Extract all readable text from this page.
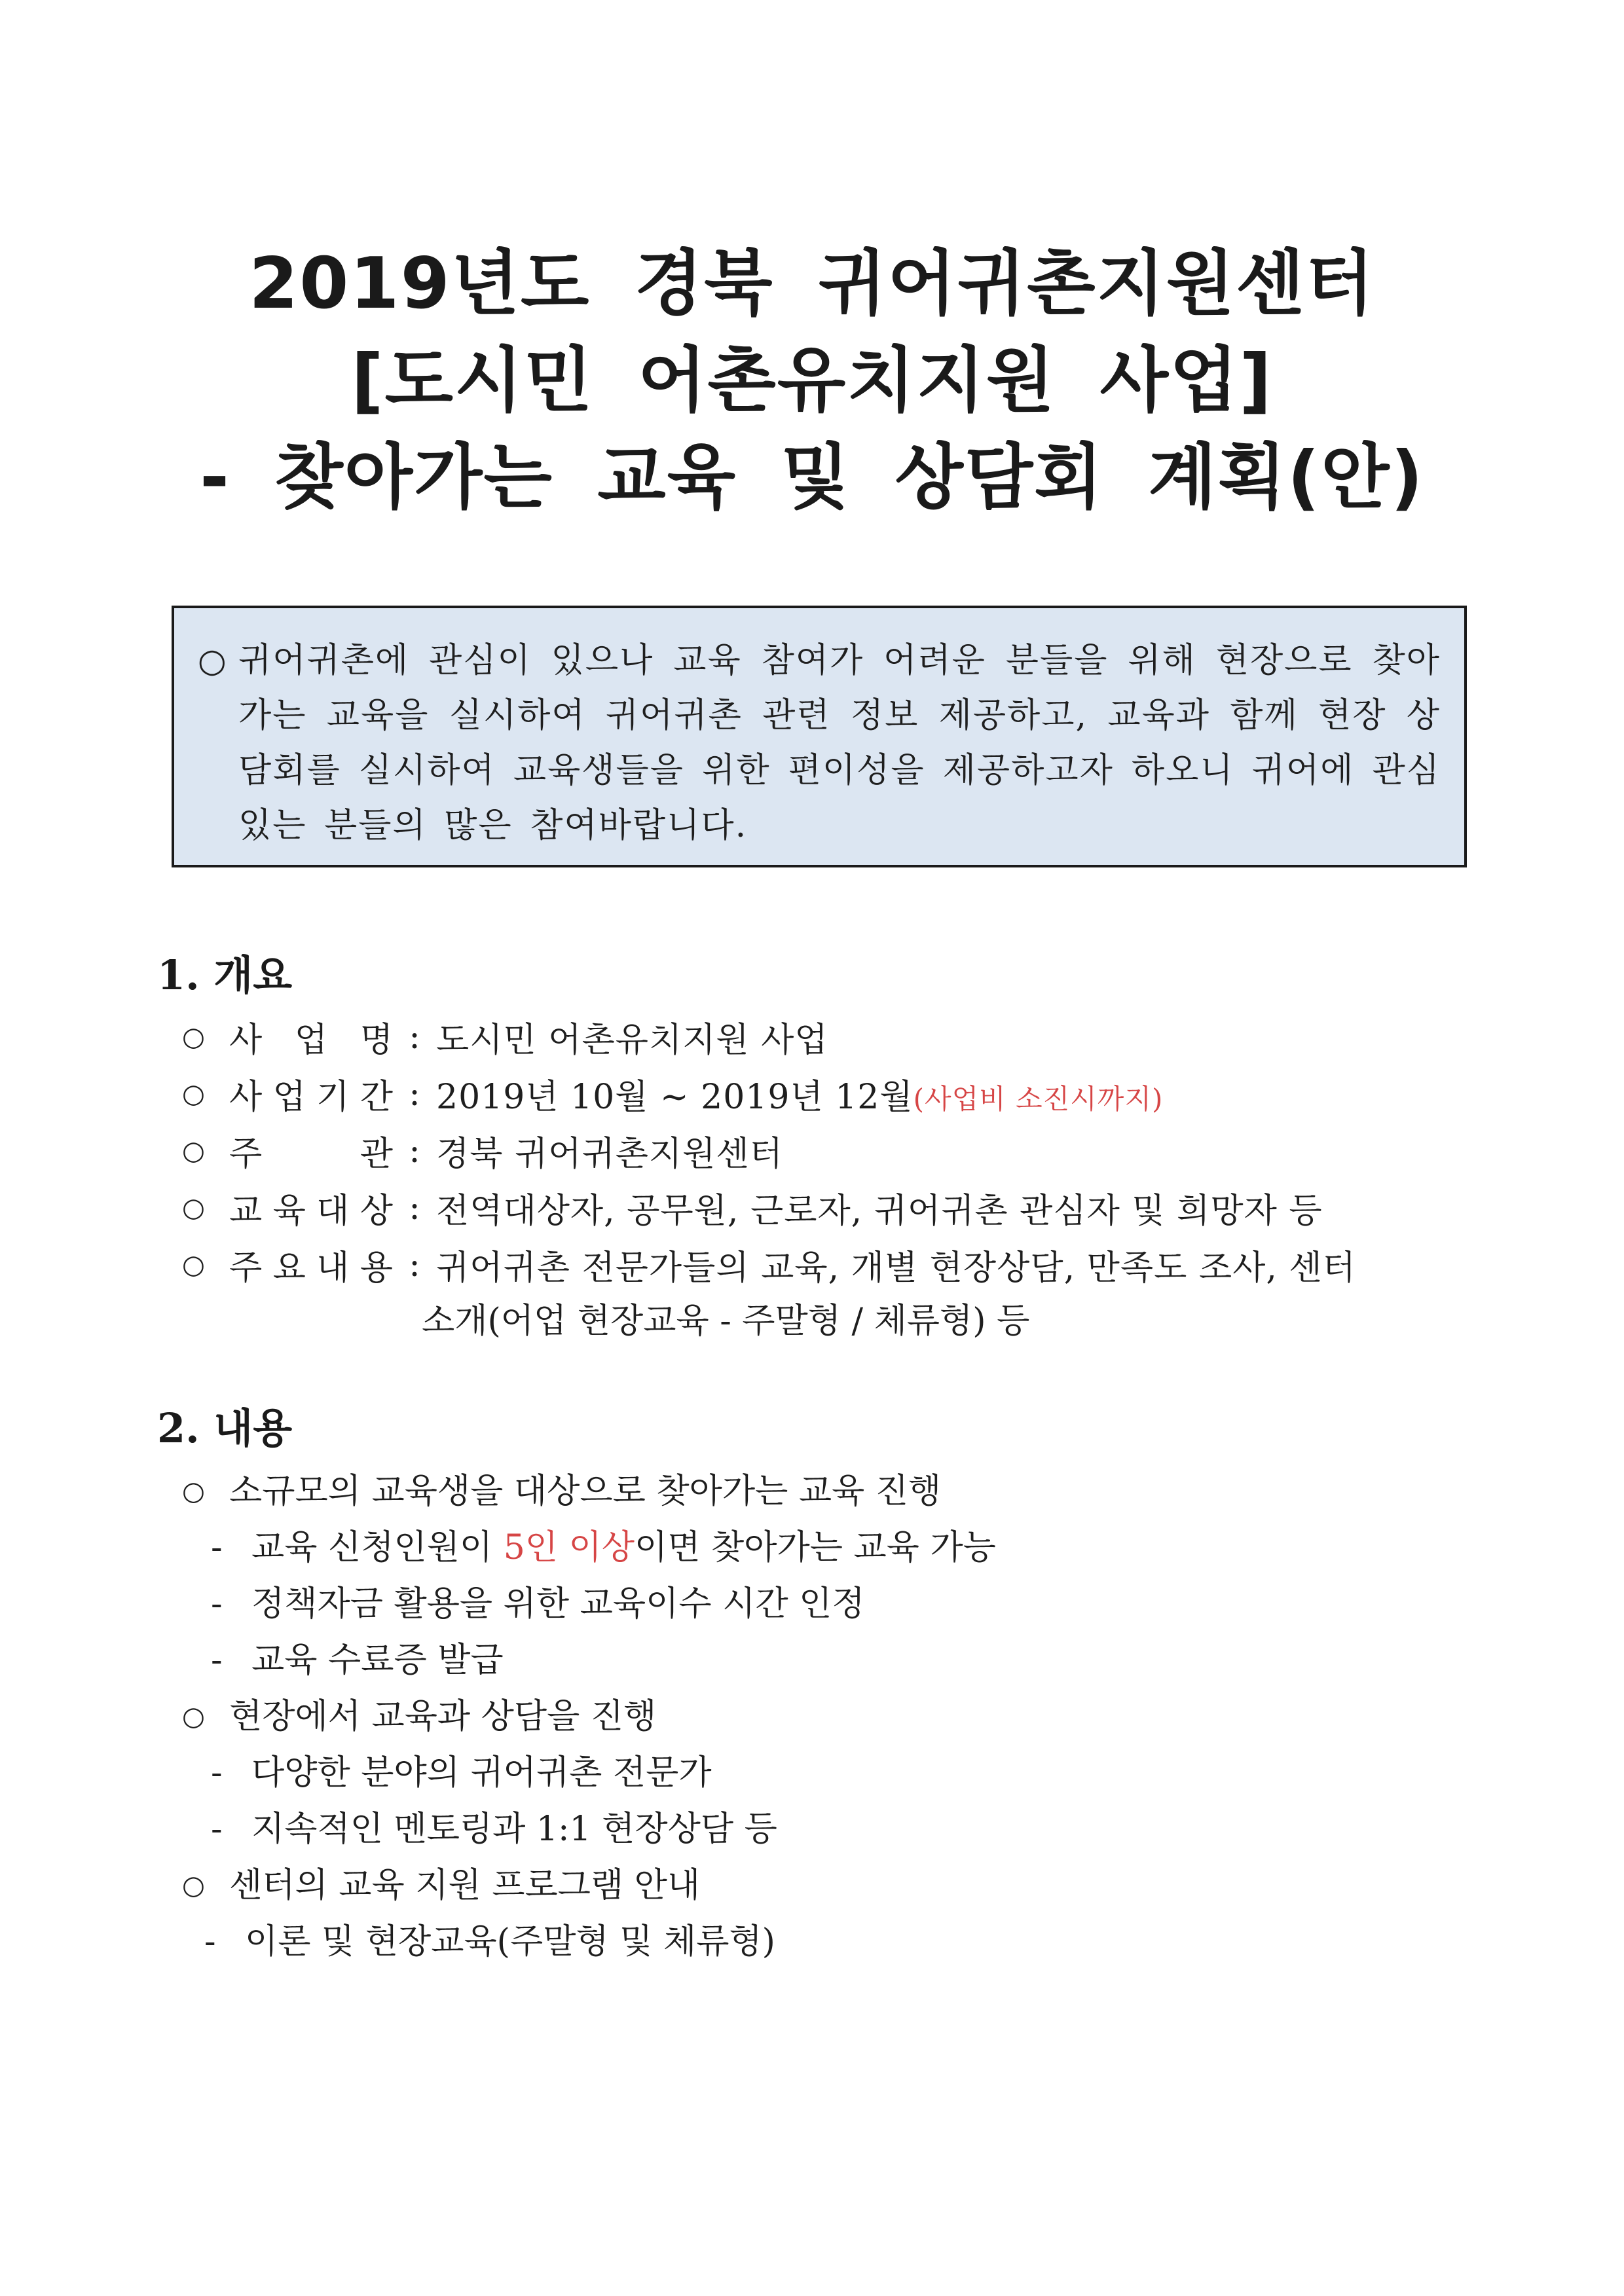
2019년도 경북 귀어귀촌지원센터
[도시민 어촌유치지원 사업]
- 찾아가는 교육 및 상담회 계획(안)
○ 귀어귀촌에 관심이 있으나 교육 참여가 어려운 분들을 위해 현장으로 찾아가는 교육을 실시하여 귀어귀촌 관련 정보 제공하고, 교육과 함께 현장 상담회를 실시하여 교육생들을 위한 편이성을 제공하고자 하오니 귀어에 관심있는 분들의 많은 참여바랍니다.
1. 개요
○ 사 업 명 : 도시민 어촌유치지원 사업
○ 사 업 기 간 : 2019년 10월 ~ 2019년 12월(사업비 소진시까지)
○ 주	관 : 경북 귀어귀촌지원센터
○ 교 육 대 상 : 전역대상자, 공무원, 근로자, 귀어귀촌 관심자 및 희망자 등
○ 주 요 내 용 : 귀어귀촌 전문가들의 교육, 개별 현장상담, 만족도 조사, 센터
소개(어업 현장교육 - 주말형 / 체류형) 등
2. 내용
○ 소규모의 교육생을 대상으로 찾아가는 교육 진행
- 교육 신청인원이 5인 이상이면 찾아가는 교육 가능
- 정책자금 활용을 위한 교육이수 시간 인정
- 교육 수료증 발급
○ 현장에서 교육과 상담을 진행
- 다양한 분야의 귀어귀촌 전문가
- 지속적인 멘토링과 1:1 현장상담 등
○ 센터의 교육 지원 프로그램 안내
- 이론 및 현장교육(주말형 및 체류형)
